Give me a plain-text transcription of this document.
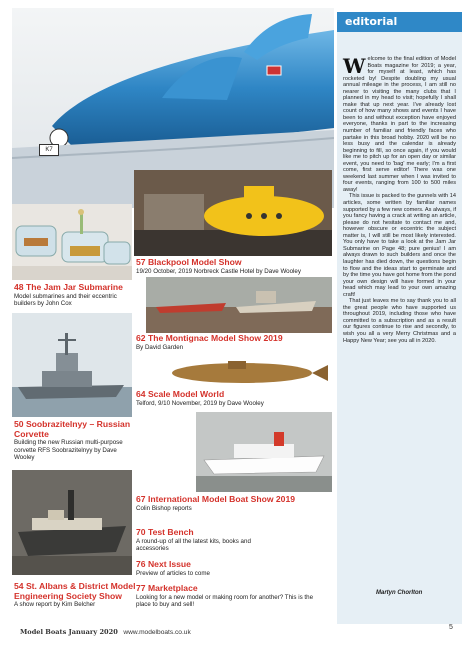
K7
48 The Jam Jar Submarine
Model submarines and their eccentric builders by John Cox
50 Soobrazitelnyy – Russian Corvette
Building the new Russian multi-purpose corvette RFS Soobrazitelnyy by Dave Wooley
54 St. Albans & District Model Engineering Society Show
A show report by Kim Belcher
57 Blackpool Model Show
19/20 October, 2019 Norbreck Castle Hotel by Dave Wooley
62 The Montignac Model Show 2019
By David Garden
64 Scale Model World
Telford, 9/10 November, 2019 by Dave Wooley
67 International Model Boat Show 2019
Colin Bishop reports
70 Test Bench
A round-up of all the latest kits, books and accessories
76 Next Issue
Preview of articles to come
77 Marketplace
Looking for a new model or making room for another? This is the place to buy and sell!
editorial

Welcome to the final edition of Model Boats magazine for 2019; a year, for myself at least, which has rocketed by! Despite doubling my usual annual mileage in the process, I am still no nearer to visiting the many clubs that I planned in my head to visit; hopefully I shall make that up next year. I've already lost count of how many shows and events I have been to and without exception have enjoyed everyone, thanks in part to the increasing number of familiar and friendly faces who partake in this broad hobby. 2020 will be no less busy and the calendar is already beginning to fill, so once again, if you would like me to pitch up for an open day or similar event, you need to 'bag' me early; I'm a first come, first serve editor! There was one weekend last summer when I was invited to four events, ranging from 100 to 500 miles away!

This issue is packed to the gunnels with 14 articles, some written by familiar names supported by a few new comers. As always, if you fancy having a crack at writing an article, please do not hesitate to contact me and, however obscure or eccentric the subject matter is, I will still be most likely interested. You only have to take a look at the Jam Jar Submarine on Page 48; pure genius! I am always drawn to such builders and once the laughter has died down, the questions begin to flow and the ideas start to germinate and by the time you have got home from the pond your own design will have formed in your head which may lead to your own amazing craft!

That just leaves me to say thank you to all the great people who have supported us throughout 2019, including those who have committed to a subscription and as a result our figures continue to rise and secondly, to wish you all a very Merry Christmas and a Happy New Year; see you all in 2020.

Martyn Chorlton
Model Boats January 2020 www.modelboats.co.uk
5
